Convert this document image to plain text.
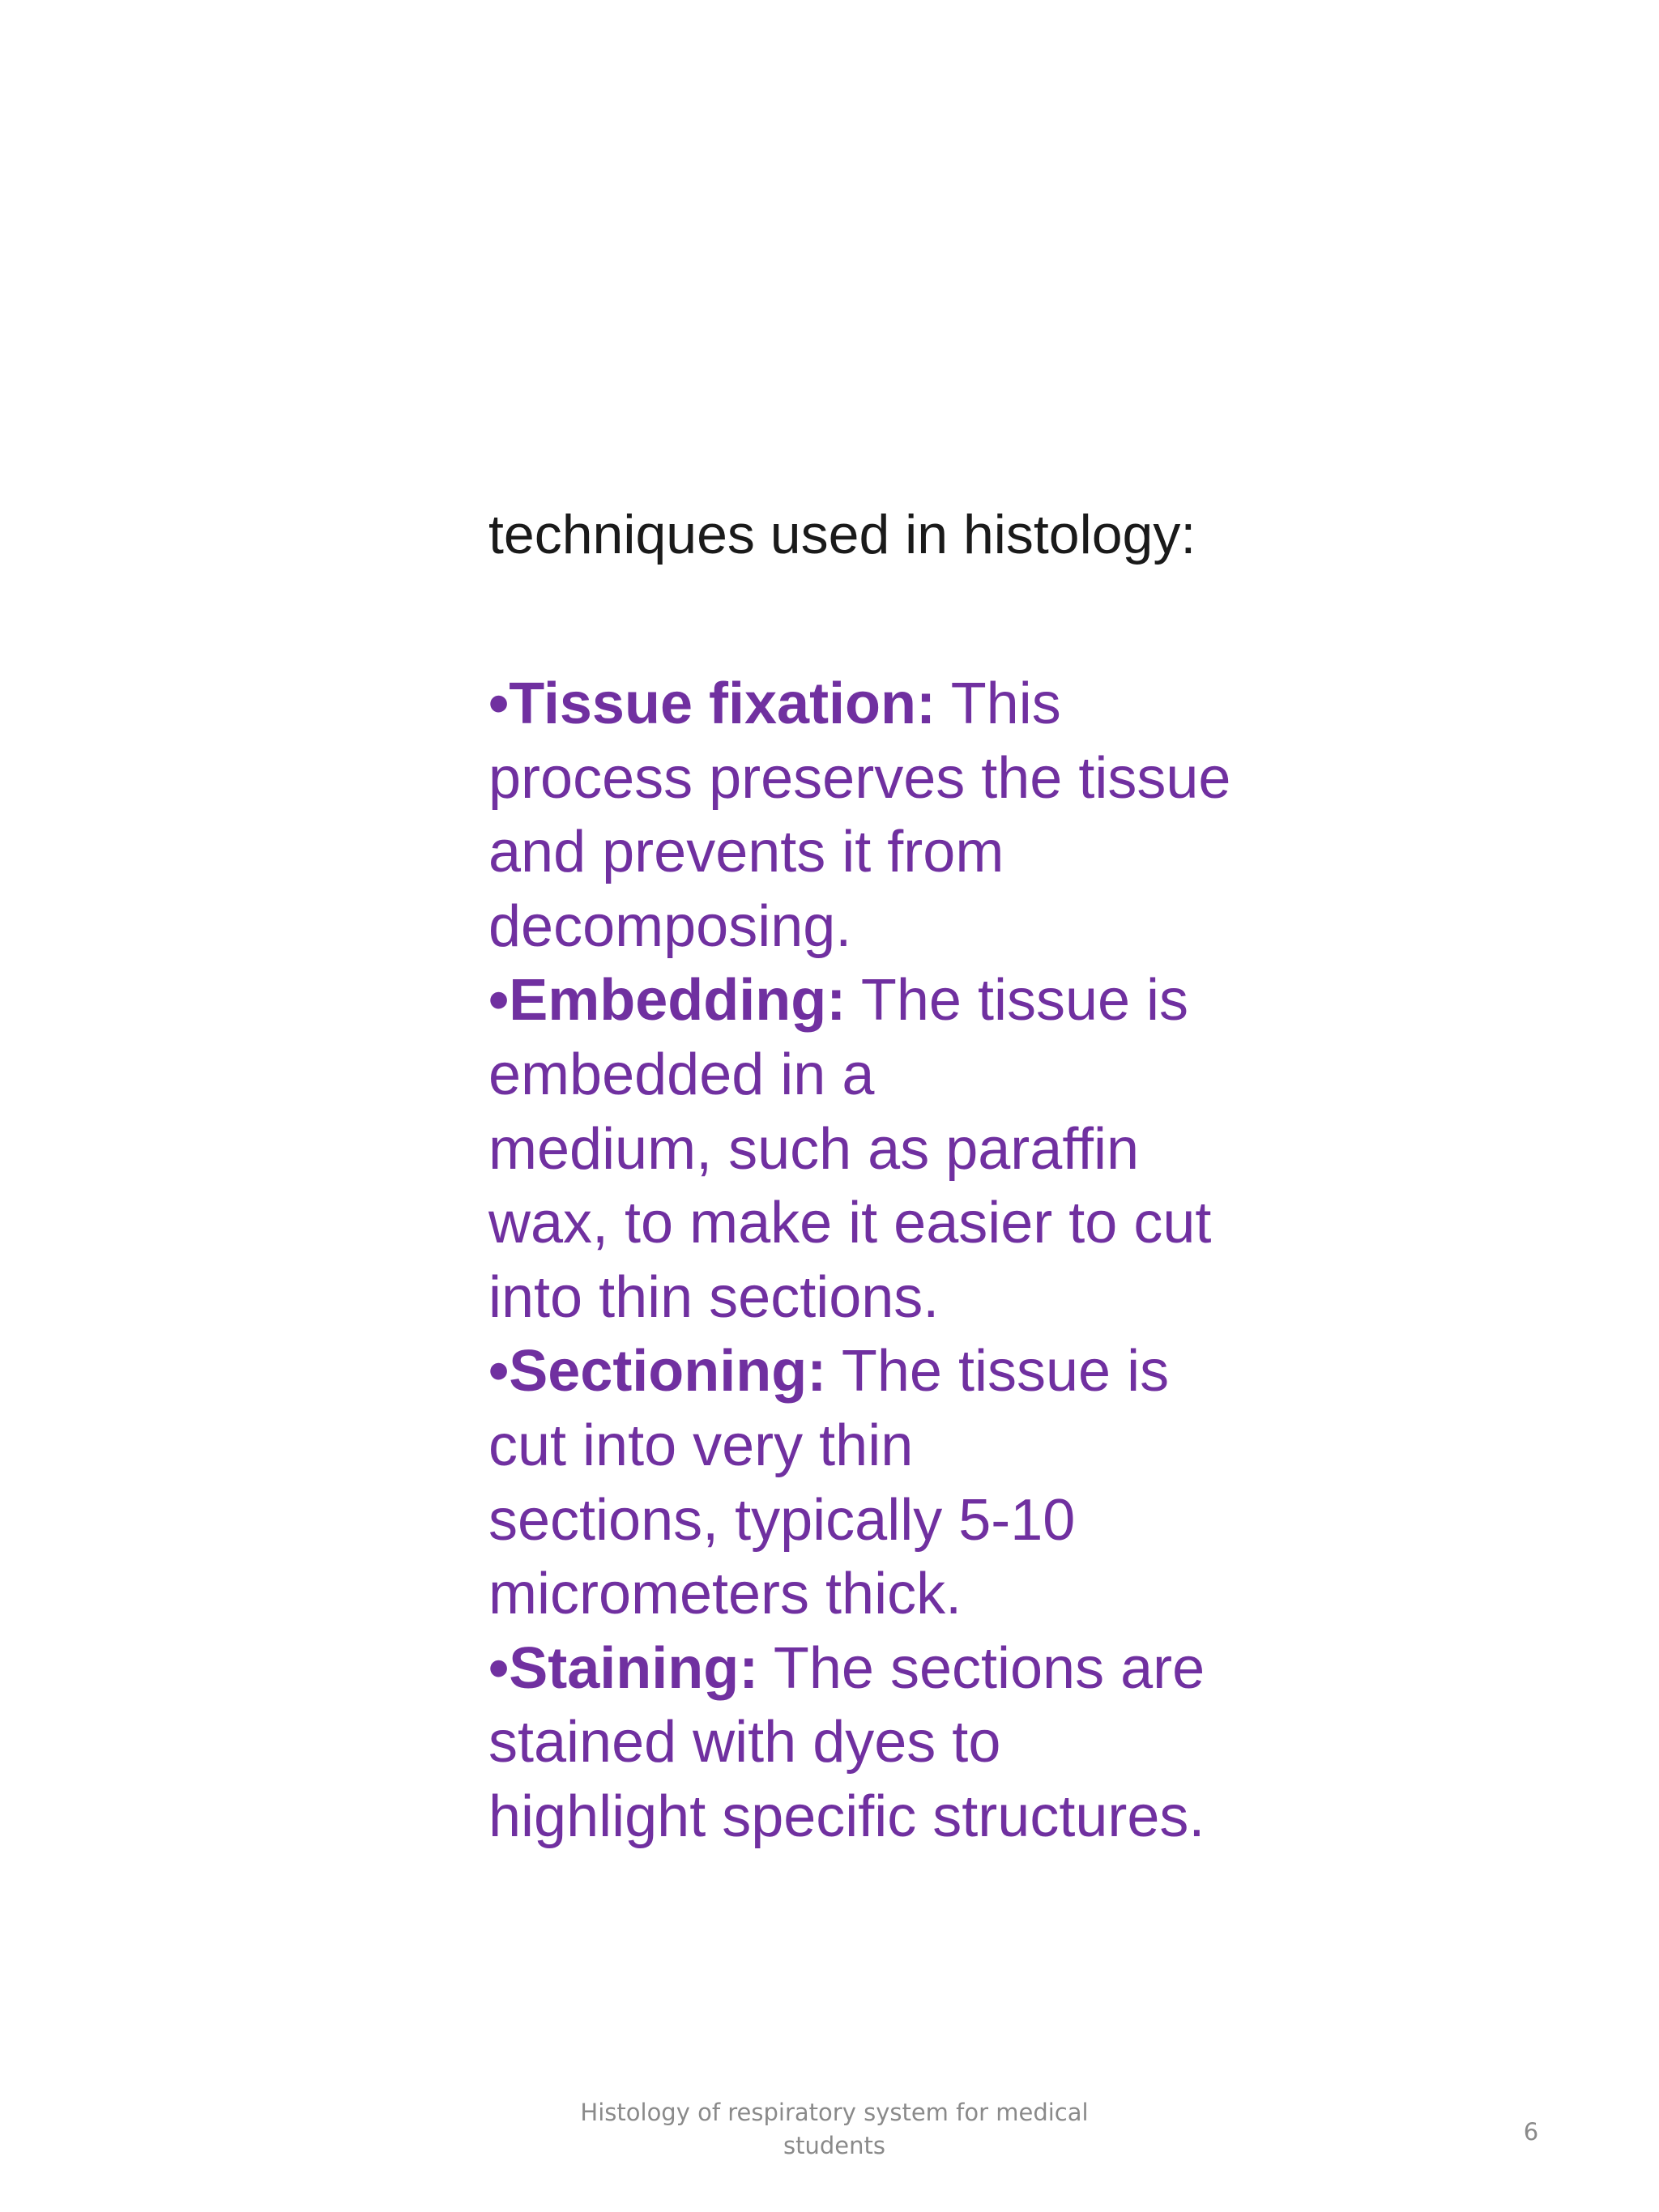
techniques used in histology:
•Tissue fixation: This
process preserves the tissue
and prevents it from
decomposing.
•Embedding: The tissue is
embedded in a
medium, such as paraffin
wax, to make it easier to cut
into thin sections.
•Sectioning: The tissue is
cut into very thin
sections, typically 5-10
micrometers thick.
•Staining: The sections are
stained with dyes to
highlight specific structures.
Histology of respiratory system for medical
students	6
